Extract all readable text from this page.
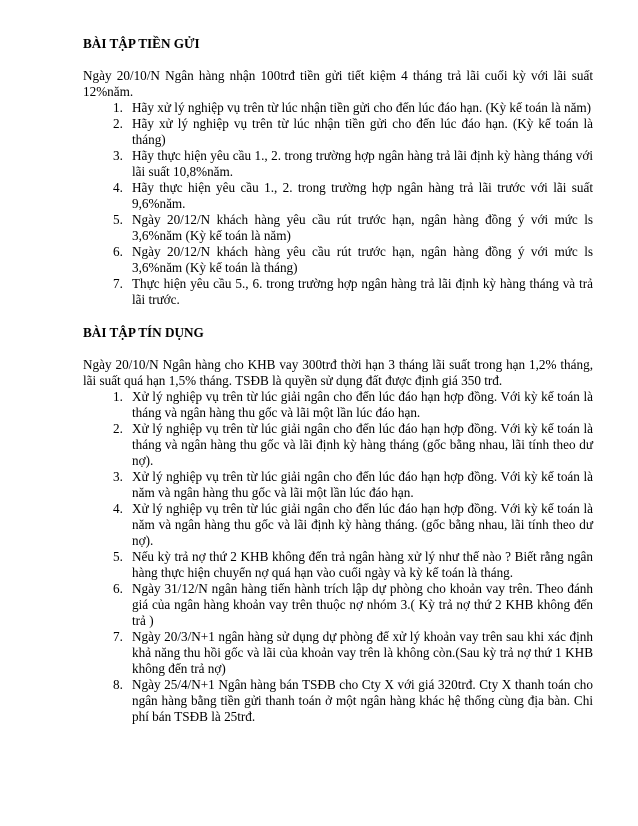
BÀI TẬP TIỀN GỬI

Ngày 20/10/N Ngân hàng nhận 100trđ tiền gửi tiết kiệm 4 tháng trả lãi cuối kỳ với lãi suất 12%năm.

1. Hãy xử lý nghiệp vụ trên từ lúc nhận tiền gửi cho đến lúc đáo hạn. (Kỳ kế toán là năm)
2. Hãy xử lý nghiệp vụ trên từ lúc nhận tiền gửi cho đến lúc đáo hạn. (Kỳ kế toán là tháng)
3. Hãy thực hiện yêu cầu 1., 2. trong trường hợp ngân hàng trả lãi định kỳ hàng tháng với lãi suất 10,8%năm.
4. Hãy thực hiện yêu cầu 1., 2. trong trường hợp ngân hàng trả lãi trước với lãi suất 9,6%năm.
5. Ngày 20/12/N khách hàng yêu cầu rút trước hạn, ngân hàng đồng ý với mức ls 3,6%năm (Kỳ kế toán là năm)
6. Ngày 20/12/N khách hàng yêu cầu rút trước hạn, ngân hàng đồng ý với mức ls 3,6%năm (Kỳ kế toán là tháng)
7. Thực hiện yêu cầu 5., 6. trong trường hợp ngân hàng trả lãi định kỳ hàng tháng và trả lãi trước.
BÀI TẬP TÍN DỤNG

Ngày 20/10/N Ngân hàng cho KHB vay 300trđ thời hạn 3 tháng lãi suất trong hạn 1,2% tháng, lãi suất quá hạn 1,5% tháng. TSĐB là quyền sử dụng đất được định giá 350 trđ.

1. Xử lý nghiệp vụ trên từ lúc giải ngân cho đến lúc đáo hạn hợp đồng. Với kỳ kế toán là tháng và ngân hàng thu gốc và lãi một lần lúc đáo hạn.
2. Xử lý nghiệp vụ trên từ lúc giải ngân cho đến lúc đáo hạn hợp đồng. Với kỳ kế toán là tháng và ngân hàng thu gốc và lãi định kỳ hàng tháng (gốc bằng nhau, lãi tính theo dư nợ).
3. Xử lý nghiệp vụ trên từ lúc giải ngân cho đến lúc đáo hạn hợp đồng. Với kỳ kế toán là năm và ngân hàng thu gốc và lãi một lần lúc đáo hạn.
4. Xử lý nghiệp vụ trên từ lúc giải ngân cho đến lúc đáo hạn hợp đồng. Với kỳ kế toán là năm và ngân hàng thu gốc và lãi định kỳ hàng tháng. (gốc bằng nhau, lãi tính theo dư nợ).
5. Nếu kỳ trả nợ thứ 2 KHB không đến trả ngân hàng xử lý như thế nào ? Biết rằng ngân hàng thực hiện chuyển nợ quá hạn vào cuối ngày và kỳ kế toán là tháng.
6. Ngày 31/12/N ngân hàng tiến hành trích lập dự phòng cho khoản vay trên. Theo đánh giá của ngân hàng khoản vay trên thuộc nợ nhóm 3.( Kỳ trả nợ thứ 2 KHB không đến trả )
7. Ngày 20/3/N+1 ngân hàng sử dụng dự phòng để xử lý khoản vay trên sau khi xác định khả năng thu hồi gốc và lãi của khoản vay trên là không còn.(Sau kỳ trả nợ thứ 1 KHB không đến trả nợ)
8. Ngày 25/4/N+1 Ngân hàng bán TSĐB cho Cty X với giá 320trđ. Cty X thanh toán cho ngân hàng bằng tiền gửi thanh toán ở một ngân hàng khác hệ thống cùng địa bàn. Chi phí bán TSĐB là 25trđ.
